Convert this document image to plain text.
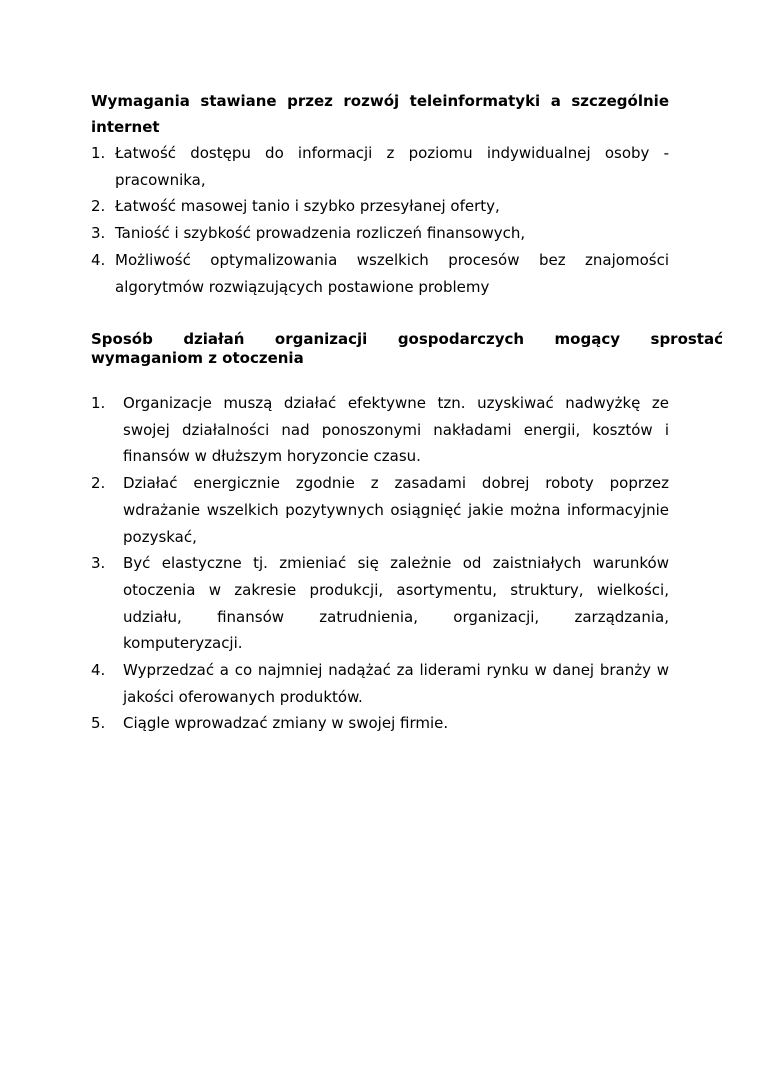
Wymagania stawiane przez rozwój teleinformatyki a szczególnie internet
1. Łatwość dostępu do informacji z poziomu indywidualnej osoby -pracownika,
2. Łatwość masowej tanio i szybko przesyłanej oferty,
3. Taniość i szybkość prowadzenia rozliczeń finansowych,
4. Możliwość optymalizowania wszelkich procesów bez znajomości algorytmów rozwiązujących postawione problemy
Sposób działań organizacji gospodarczych mogący sprostać
wymaganiom z otoczenia
1. Organizacje muszą działać efektywne tzn. uzyskiwać nadwyżkę ze swojej działalności nad ponoszonymi nakładami energii, kosztów i finansów w dłuższym horyzoncie czasu.
2. Działać energicznie zgodnie z zasadami dobrej roboty poprzez wdrażanie wszelkich pozytywnych osiągnięć jakie można informacyjnie pozyskać,
3. Być elastyczne tj. zmieniać się zależnie od zaistniałych warunków otoczenia w zakresie produkcji, asortymentu, struktury, wielkości, udziału, finansów zatrudnienia, organizacji, zarządzania, komputeryzacji.
4. Wyprzedzać a co najmniej nadążać za liderami rynku w danej branży w jakości oferowanych produktów.
5. Ciągle wprowadzać zmiany w swojej firmie.
